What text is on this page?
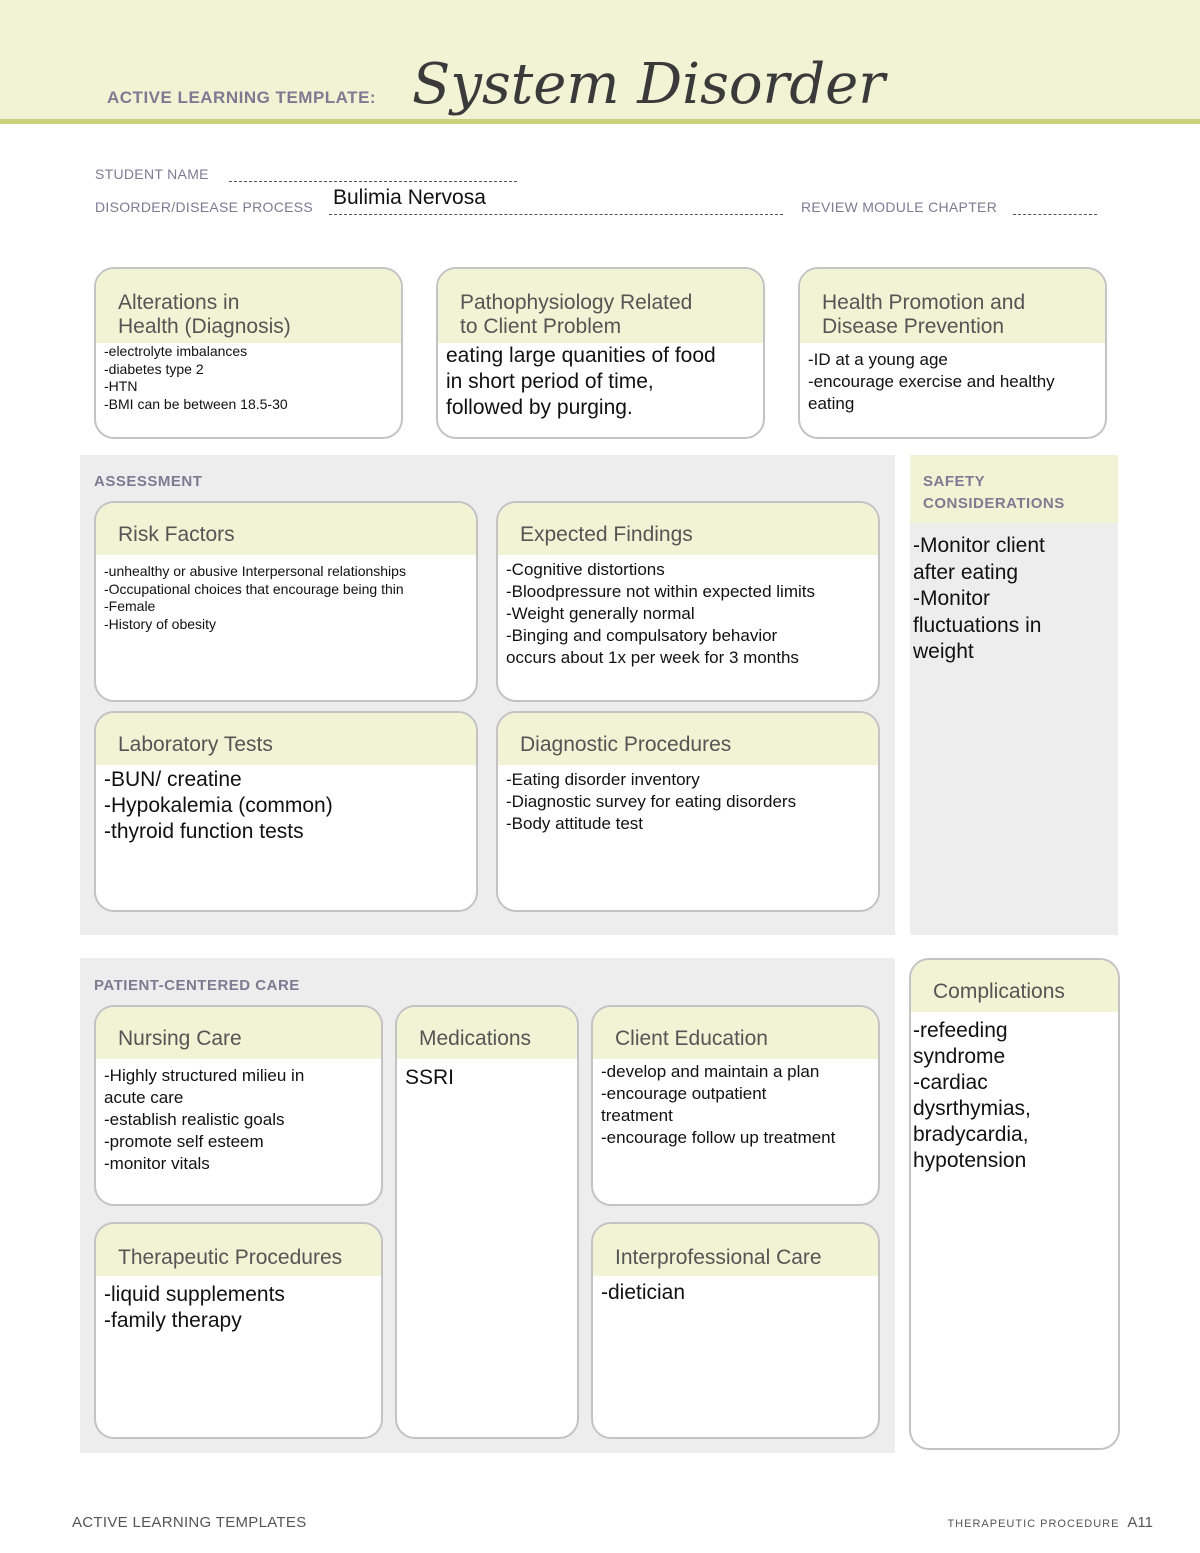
ACTIVE LEARNING TEMPLATE: System Disorder
STUDENT NAME
DISORDER/DISEASE PROCESS Bulimia Nervosa	REVIEW MODULE CHAPTER
Alterations in
Health (Diagnosis)
-electrolyte imbalances
-diabetes type 2
-HTN
-BMI can be between 18.5-30
Pathophysiology Related
to Client Problem
eating large quanities of food
in short period of time,
followed by purging.
Health Promotion and
Disease Prevention
-ID at a young age
-encourage exercise and healthy
eating
ASSESSMENT
Risk Factors
-unhealthy or abusive Interpersonal relationships
-Occupational choices that encourage being thin
-Female
-History of obesity
Expected Findings
-Cognitive distortions
-Bloodpressure not within expected limits
-Weight generally normal
-Binging and compulsatory behavior
occurs about 1x per week for 3 months
Laboratory Tests
-BUN/ creatine
-Hypokalemia (common)
-thyroid function tests
Diagnostic Procedures
-Eating disorder inventory
-Diagnostic survey for eating disorders
-Body attitude test
SAFETY
CONSIDERATIONS
-Monitor client
after eating
-Monitor
fluctuations in
weight
PATIENT-CENTERED CARE
Nursing Care
-Highly structured milieu in
acute care
-establish realistic goals
-promote self esteem
-monitor vitals
Medications
SSRI
Client Education
-develop and maintain a plan
-encourage outpatient
treatment
-encourage follow up treatment
Therapeutic Procedures
-liquid supplements
-family therapy
Interprofessional Care
-dietician
Complications
-refeeding
syndrome
-cardiac
dysrthymias,
bradycardia,
hypotension
ACTIVE LEARNING TEMPLATES	THERAPEUTIC PROCEDURE A11
